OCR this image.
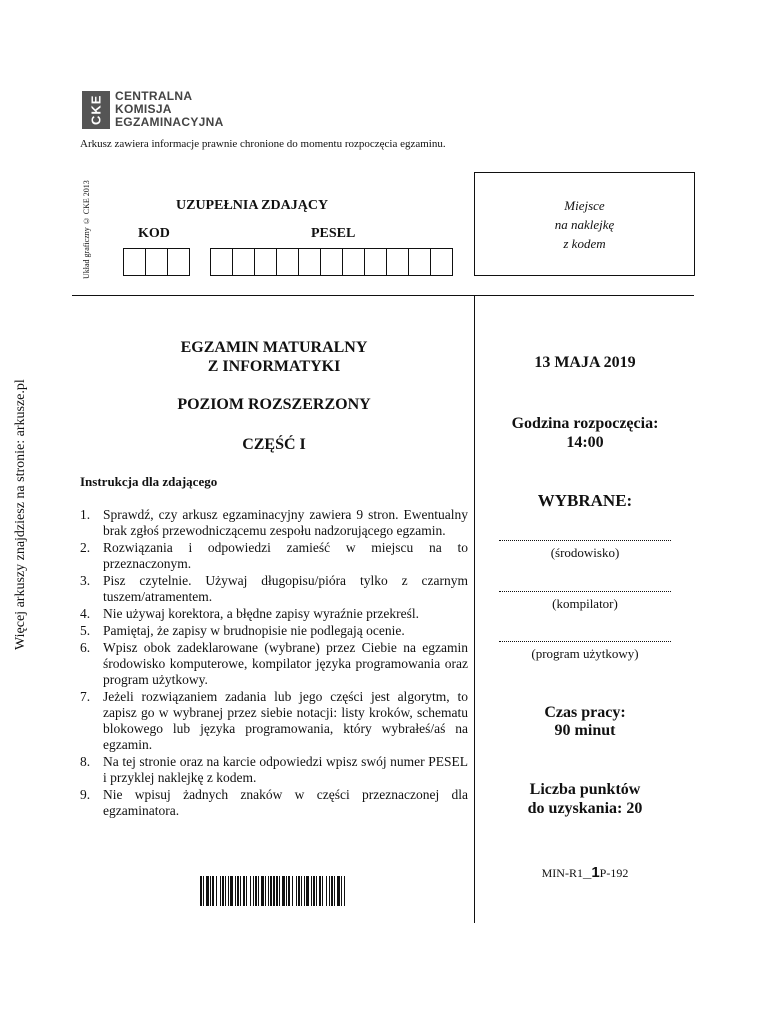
CKE CENTRALNA
KOMISJA
EGZAMINACYJNA
Arkusz zawiera informacje prawnie chronione do momentu rozpoczęcia egzaminu.
Układ graficzny © CKE 2013
Więcej arkuszy znajdziesz na stronie: arkusze.pl
UZUPEŁNIA ZDAJĄCY
KOD	PESEL
Miejsce
na naklejkę
z kodem
EGZAMIN MATURALNY
Z INFORMATYKI
POZIOM ROZSZERZONY
CZĘŚĆ I
Instrukcja dla zdającego
1. Sprawdź, czy arkusz egzaminacyjny zawiera 9 stron. Ewentualny brak zgłoś przewodniczącemu zespołu nadzorującego egzamin.
2. Rozwiązania i odpowiedzi zamieść w miejscu na to przeznaczonym.
3. Pisz czytelnie. Używaj długopisu/pióra tylko z czarnym tuszem/atramentem.
4. Nie używaj korektora, a błędne zapisy wyraźnie przekreśl.
5. Pamiętaj, że zapisy w brudnopisie nie podlegają ocenie.
6. Wpisz obok zadeklarowane (wybrane) przez Ciebie na egzamin środowisko komputerowe, kompilator języka programowania oraz program użytkowy.
7. Jeżeli rozwiązaniem zadania lub jego części jest algorytm, to zapisz go w wybranej przez siebie notacji: listy kroków, schematu blokowego lub języka programowania, który wybrałeś/aś na egzamin.
8. Na tej stronie oraz na karcie odpowiedzi wpisz swój numer PESEL i przyklej naklejkę z kodem.
9. Nie wpisuj żadnych znaków w części przeznaczonej dla egzaminatora.
13 MAJA 2019
Godzina rozpoczęcia:
14:00
WYBRANE:
(środowisko)
(kompilator)
(program użytkowy)
Czas pracy:
90 minut
Liczba punktów
do uzyskania: 20
MIN-R1_1P-192
